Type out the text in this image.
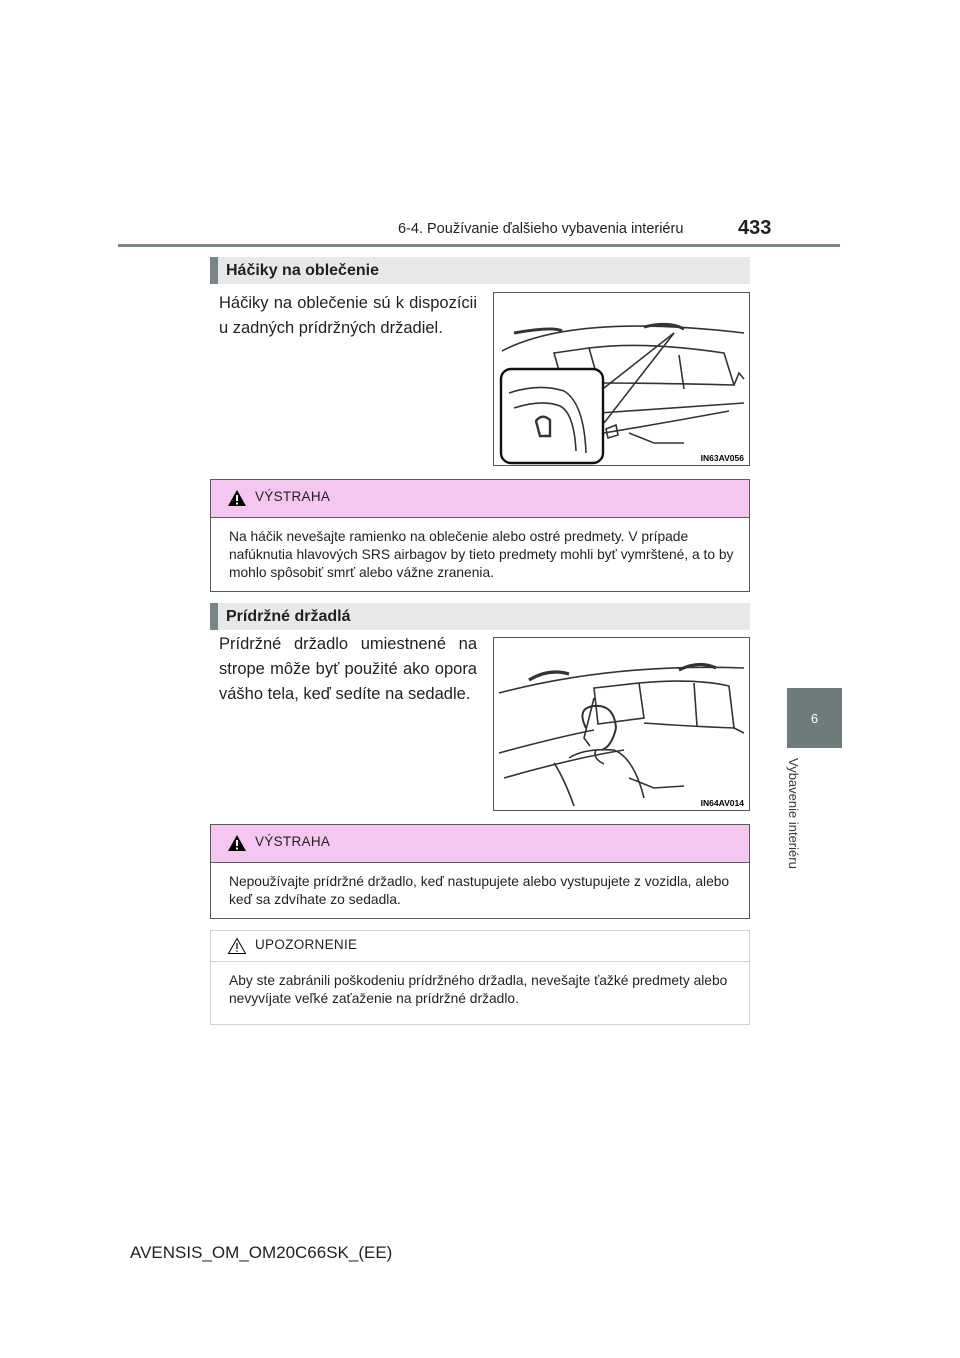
6-4. Používanie ďalšieho vybavenia interiéru	433
6
Vybavenie interiéru
Háčiky na oblečenie
Háčiky na oblečenie sú k dispozícii u zadných prídržných držadiel.
IN63AV056
VÝSTRAHA
Na háčik nevešajte ramienko na oblečenie alebo ostré predmety. V prípade nafúknutia hlavových SRS airbagov by tieto predmety mohli byť vymrštené, a to by mohlo spôsobiť smrť alebo vážne zranenia.
Prídržné držadlá
Prídržné držadlo umiestnené na strope môže byť použité ako opora vášho tela, keď sedíte na sedadle.
IN64AV014
VÝSTRAHA
Nepoužívajte prídržné držadlo, keď nastupujete alebo vystupujete z vozidla, alebo keď sa zdvíhate zo sedadla.
UPOZORNENIE
Aby ste zabránili poškodeniu prídržného držadla, nevešajte ťažké predmety alebo nevyvíjate veľké zaťaženie na prídržné držadlo.
AVENSIS_OM_OM20C66SK_(EE)
